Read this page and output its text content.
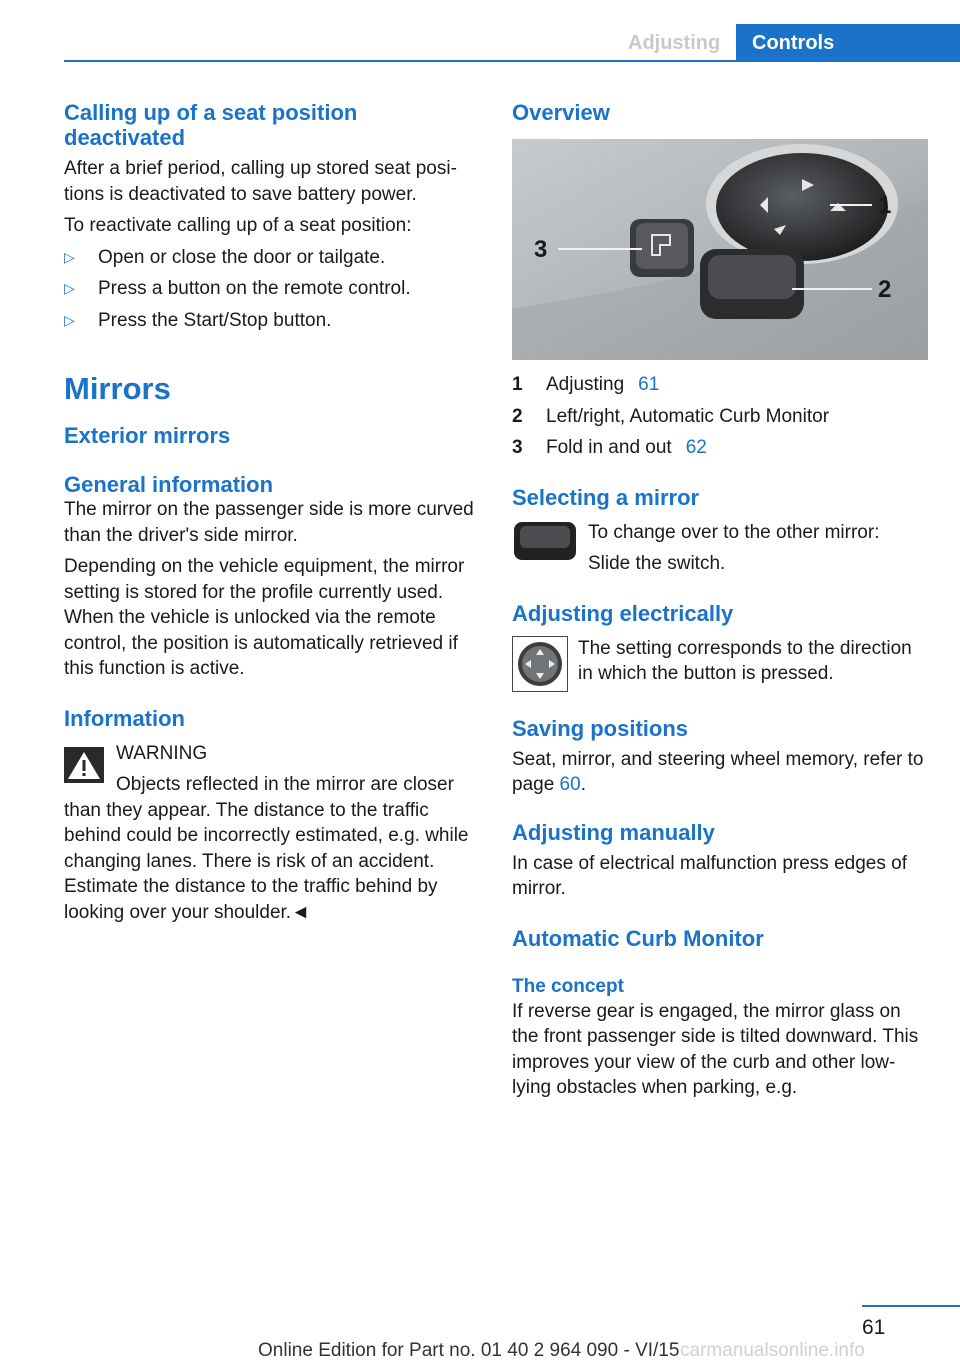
Adjusting	Controls
Calling up of a seat position deactivated

After a brief period, calling up stored seat positions is deactivated to save battery power.

To reactivate calling up of a seat position:

▷ Open or close the door or tailgate.
▷ Press a button on the remote control.
▷ Press the Start/Stop button.
Mirrors
Exterior mirrors
General information

The mirror on the passenger side is more curved than the driver's side mirror.

Depending on the vehicle equipment, the mirror setting is stored for the profile currently used. When the vehicle is unlocked via the remote control, the position is automatically retrieved if this function is active.

Information

WARNING

Objects reflected in the mirror are closer than they appear. The distance to the traffic behind could be incorrectly estimated, e.g. while changing lanes. There is risk of an accident. Estimate the distance to the traffic behind by looking over your shoulder.◄

Overview
3
1
2
1	Adjusting 61
2	Left/right, Automatic Curb Monitor
3	Fold in and out 62
Selecting a mirror

To change over to the other mirror:

Slide the switch.

Adjusting electrically

The setting corresponds to the direction in which the button is pressed.

Saving positions

Seat, mirror, and steering wheel memory, refer to page 60.

Adjusting manually

In case of electrical malfunction press edges of mirror.

Automatic Curb Monitor
The concept

If reverse gear is engaged, the mirror glass on the front passenger side is tilted downward. This improves your view of the curb and other low-lying obstacles when parking, e.g.

61
Online Edition for Part no. 01 40 2 964 090 - VI/15 carmanualsonline.info
